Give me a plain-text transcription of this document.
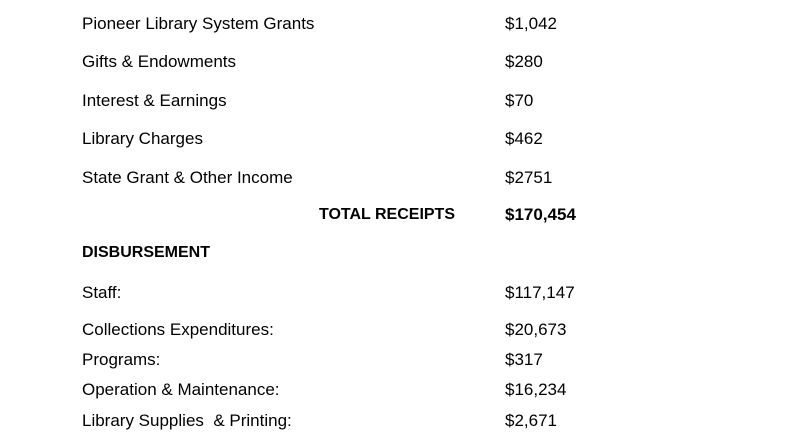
Pioneer Library System Grants	$1,042
Gifts & Endowments	$280
Interest & Earnings	$70
Library Charges	$462
State Grant & Other Income	$2751
TOTAL RECEIPTS	$170,454
DISBURSEMENT
Staff:	$117,147
Collections Expenditures:	$20,673
Programs:	$317
Operation & Maintenance:	$16,234
Library Supplies  & Printing:	$2,671
